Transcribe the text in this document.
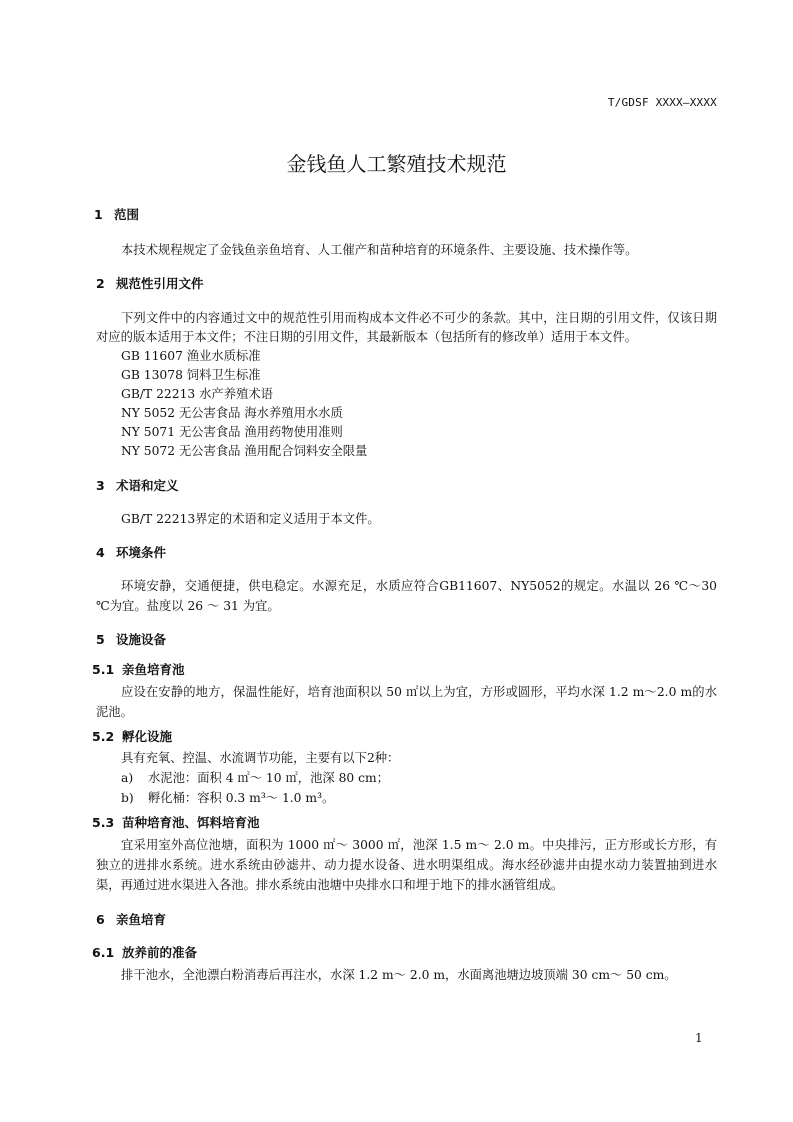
T/GDSF XXXX—XXXX
金钱鱼人工繁殖技术规范
1 范围

本技术规程规定了金钱鱼亲鱼培育、人工催产和苗种培育的环境条件、主要设施、技术操作等。

2 规范性引用文件

下列文件中的内容通过文中的规范性引用而构成本文件必不可少的条款。其中，注日期的引用文件，仅该日期对应的版本适用于本文件；不注日期的引用文件，其最新版本（包括所有的修改单）适用于本文件。

GB 11607 渔业水质标准
GB 13078 饲料卫生标准
GB/T 22213 水产养殖术语
NY 5052 无公害食品 海水养殖用水水质
NY 5071 无公害食品 渔用药物使用准则
NY 5072 无公害食品 渔用配合饲料安全限量
3 术语和定义

GB/T 22213界定的术语和定义适用于本文件。

4 环境条件

环境安静，交通便捷，供电稳定。水源充足，水质应符合GB11607、NY5052的规定。水温以 26 ℃～30 ℃为宜。盐度以 26 ～ 31 为宜。

5 设施设备
5.1 亲鱼培育池

应设在安静的地方，保温性能好，培育池面积以 50 ㎡以上为宜，方形或圆形，平均水深 1.2 m～2.0 m的水泥池。

5.2 孵化设施

具有充氧、控温、水流调节功能，主要有以下2种：

a) 水泥池：面积 4 ㎡～ 10 ㎡，池深 80 cm；
b) 孵化桶：容积 0.3 m³～ 1.0 m³。
5.3 苗种培育池、饵料培育池

宜采用室外高位池塘，面积为 1000 ㎡～ 3000 ㎡，池深 1.5 m～ 2.0 m。中央排污，正方形或长方形，有独立的进排水系统。进水系统由砂滤井、动力提水设备、进水明渠组成。海水经砂滤井由提水动力装置抽到进水渠，再通过进水渠进入各池。排水系统由池塘中央排水口和埋于地下的排水涵管组成。

6 亲鱼培育
6.1 放养前的准备

排干池水，全池漂白粉消毒后再注水，水深 1.2 m～ 2.0 m，水面离池塘边坡顶端 30 cm～ 50 cm。

1
